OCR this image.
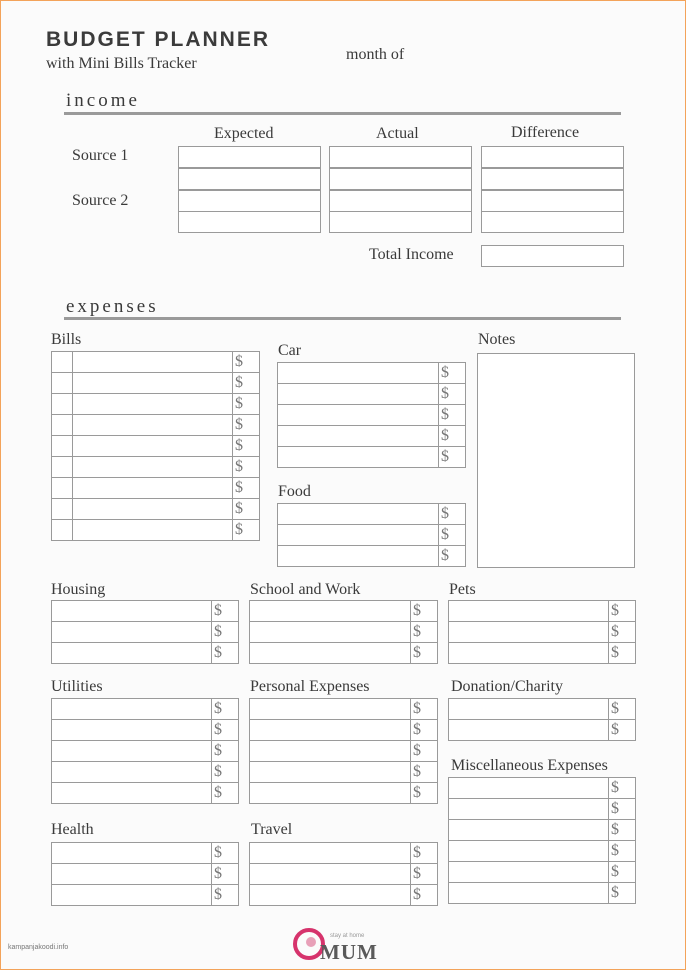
BUDGET PLANNER
with Mini Bills Tracker
month of
income
Expected	Actual	Difference
Source 1
Source 2
Total Income
expenses
Bills
$
$
$
$
$
$
$
$
$
Car
$
$
$
$
$
Food
$
$
$
Notes
Housing
$
$
$
School and Work
$
$
$
Pets
$
$
$
Utilities
$
$
$
$
$
Personal Expenses
$
$
$
$
$
Donation/Charity
$
$
Miscellaneous Expenses
$
$
$
$
$
$
Health
$
$
$
Travel
$
$
$
kampanjakoodi.info
stay at home
MUM
